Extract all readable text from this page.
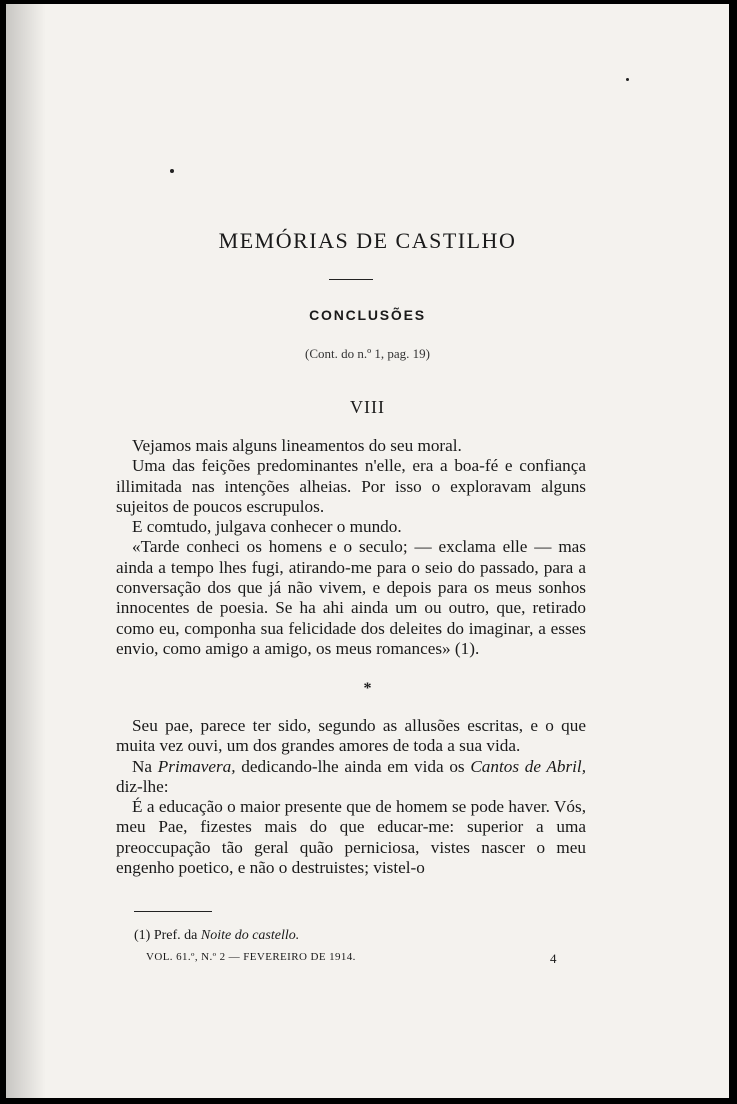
MEMÓRIAS DE CASTILHO
CONCLUSÕES
(Cont. do n.º 1, pag. 19)
VIII

Vejamos mais alguns lineamentos do seu moral.

Uma das feições predominantes n'elle, era a boa-fé e confiança illimitada nas intenções alheias. Por isso o exploravam alguns sujeitos de poucos escrupulos.

E comtudo, julgava conhecer o mundo.

«Tarde conheci os homens e o seculo; — exclama elle — mas ainda a tempo lhes fugi, atirando-me para o seio do passado, para a conversação dos que já não vivem, e depois para os meus sonhos innocentes de poesia. Se ha ahi ainda um ou outro, que, retirado como eu, componha sua felicidade dos deleites do imaginar, a esses envio, como amigo a amigo, os meus romances» (1).

*

Seu pae, parece ter sido, segundo as allusões escritas, e o que muita vez ouvi, um dos grandes amores de toda a sua vida.

Na Primavera, dedicando-lhe ainda em vida os Cantos de Abril, diz-lhe:

É a educação o maior presente que de homem se pode haver. Vós, meu Pae, fizestes mais do que educar-me: superior a uma preoccupação tão geral quão perniciosa, vistes nascer o meu engenho poetico, e não o destruistes; vistel-o

(1) Pref. da Noite do castello.
VOL. 61.º, N.º 2 — FEVEREIRO DE 1914.	4
